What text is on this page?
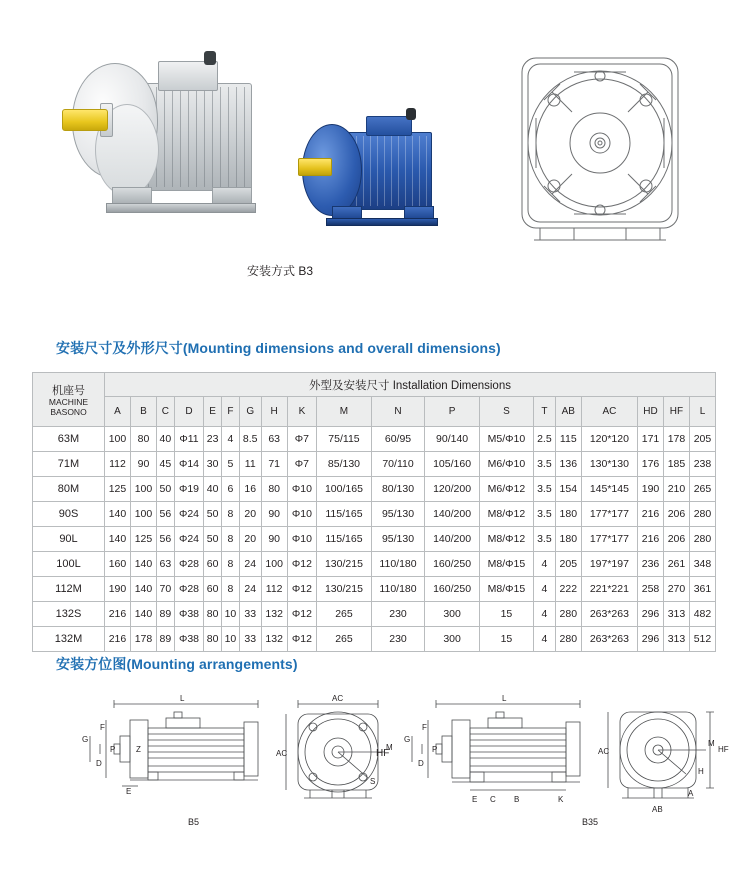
安装方式 B3
安装尺寸及外形尺寸(Mounting dimensions and overall dimensions)
机座号
MACHINE
BASONO	外型及安装尺寸 Installation Dimensions																		
	A	B	C	D	E	F	G	H	K	M	N	P	S	T	AB	AC	HD	HF	L
63M	100	80	40	Φ11	23	4	8.5	63	Φ7	75/115	60/95	90/140	M5/Φ10	2.5	115	120*120	171	178	205
71M	112	90	45	Φ14	30	5	11	71	Φ7	85/130	70/110	105/160	M6/Φ10	3.5	136	130*130	176	185	238
80M	125	100	50	Φ19	40	6	16	80	Φ10	100/165	80/130	120/200	M6/Φ12	3.5	154	145*145	190	210	265
90S	140	100	56	Φ24	50	8	20	90	Φ10	115/165	95/130	140/200	M8/Φ12	3.5	180	177*177	216	206	280
90L	140	125	56	Φ24	50	8	20	90	Φ10	115/165	95/130	140/200	M8/Φ12	3.5	180	177*177	216	206	280
100L	160	140	63	Φ28	60	8	24	100	Φ12	130/215	110/180	160/250	M8/Φ15	4	205	197*197	236	261	348
112M	190	140	70	Φ28	60	8	24	112	Φ12	130/215	110/180	160/250	M8/Φ15	4	222	221*221	258	270	361
132S	216	140	89	Φ38	80	10	33	132	Φ12	265	230	300	15	4	280	263*263	296	313	482
132M	216	178	89	Φ38	80	10	33	132	Φ12	265	230	300	15	4	280	263*263	296	313	512
安装方位图(Mounting arrangements)
L	AC
AC
M
S
F
G
D
P	Z
E
B5
L
AC
M
H
HF
A
AB
F
G
D
P
E C B	K
B35
HF
